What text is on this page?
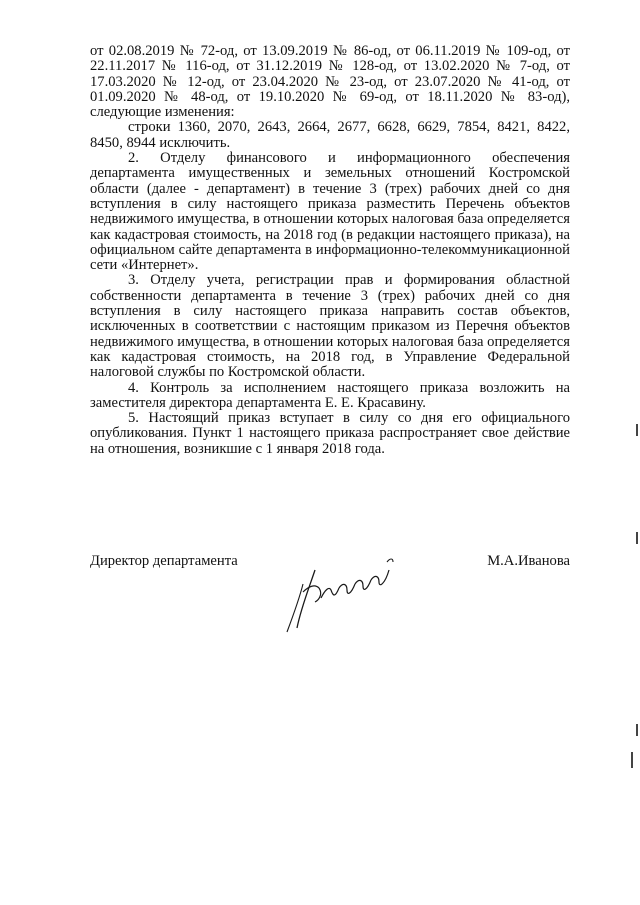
от 02.08.2019 № 72-од, от 13.09.2019 № 86-од, от 06.11.2019 № 109-од, от 22.11.2017 № 116-од, от 31.12.2019 № 128-од, от 13.02.2020 № 7-од, от 17.03.2020 № 12-од, от 23.04.2020 № 23-од, от 23.07.2020 № 41-од, от 01.09.2020 № 48-од, от 19.10.2020 № 69-од, от 18.11.2020 № 83-од), следующие изменения:

строки 1360, 2070, 2643, 2664, 2677, 6628, 6629, 7854, 8421, 8422, 8450, 8944 исключить.

2. Отделу финансового и информационного обеспечения департамента имущественных и земельных отношений Костромской области (далее - департамент) в течение 3 (трех) рабочих дней со дня вступления в силу настоящего приказа разместить Перечень объектов недвижимого имущества, в отношении которых налоговая база определяется как кадастровая стоимость, на 2018 год (в редакции настоящего приказа), на официальном сайте департамента в информационно-телекоммуникационной сети «Интернет».

3. Отделу учета, регистрации прав и формирования областной собственности департамента в течение 3 (трех) рабочих дней со дня вступления в силу настоящего приказа направить состав объектов, исключенных в соответствии с настоящим приказом из Перечня объектов недвижимого имущества, в отношении которых налоговая база определяется как кадастровая стоимость, на 2018 год, в Управление Федеральной налоговой службы по Костромской области.

4. Контроль за исполнением настоящего приказа возложить на заместителя директора департамента Е. Е. Красавину.

5. Настоящий приказ вступает в силу со дня его официального опубликования. Пункт 1 настоящего приказа распространяет свое действие на отношения, возникшие с 1 января 2018 года.

Директор департамента	М.А.Иванова
